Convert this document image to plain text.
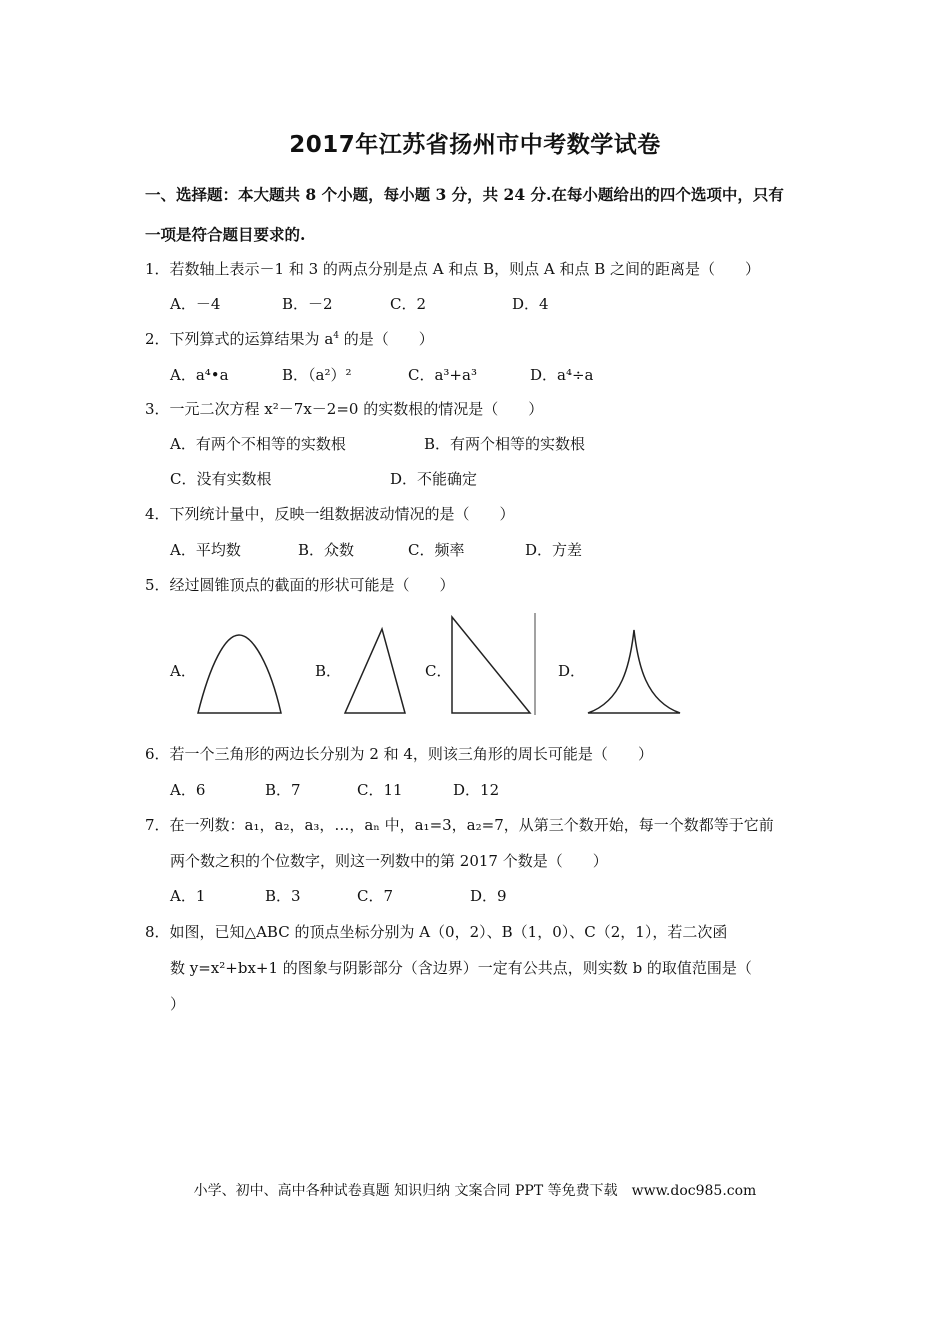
2017年江苏省扬州市中考数学试卷
一、选择题：本大题共 8 个小题，每小题 3 分，共 24 分.在每小题给出的四个选项中，只有
一项是符合题目要求的.
1．若数轴上表示－1 和 3 的两点分别是点 A 和点 B，则点 A 和点 B 之间的距离是（　　）
A．－4	B．－2	C．2	D．4
2．下列算式的运算结果为 $a^4$ 的是（　　）
A．a⁴•a	B．（a²）²	C．a³+a³	D．a⁴÷a
3．一元二次方程 x²－7x－2=0 的实数根的情况是（　　）
A．有两个不相等的实数根	B．有两个相等的实数根
C．没有实数根	D．不能确定
4．下列统计量中，反映一组数据波动情况的是（　　）
A．平均数	B．众数	C．频率	D．方差
5．经过圆锥顶点的截面的形状可能是（　　）
A．	B．	C．	D．
6．若一个三角形的两边长分别为 2 和 4，则该三角形的周长可能是（　　）
A．6	B．7	C．11	D．12
7．在一列数：a₁，a₂，a₃，…，aₙ 中，a₁=3，a₂=7，从第三个数开始，每一个数都等于它前
两个数之积的个位数字，则这一列数中的第 2017 个数是（　　）
A．1	B．3	C．7	D．9
8．如图，已知△ABC 的顶点坐标分别为 A（0，2）、B（1，0）、C（2，1），若二次函
数 y=x²+bx+1 的图象与阴影部分（含边界）一定有公共点，则实数 b 的取值范围是（
）
小学、初中、高中各种试卷真题 知识归纳 文案合同 PPT 等免费下载　www.doc985.com
